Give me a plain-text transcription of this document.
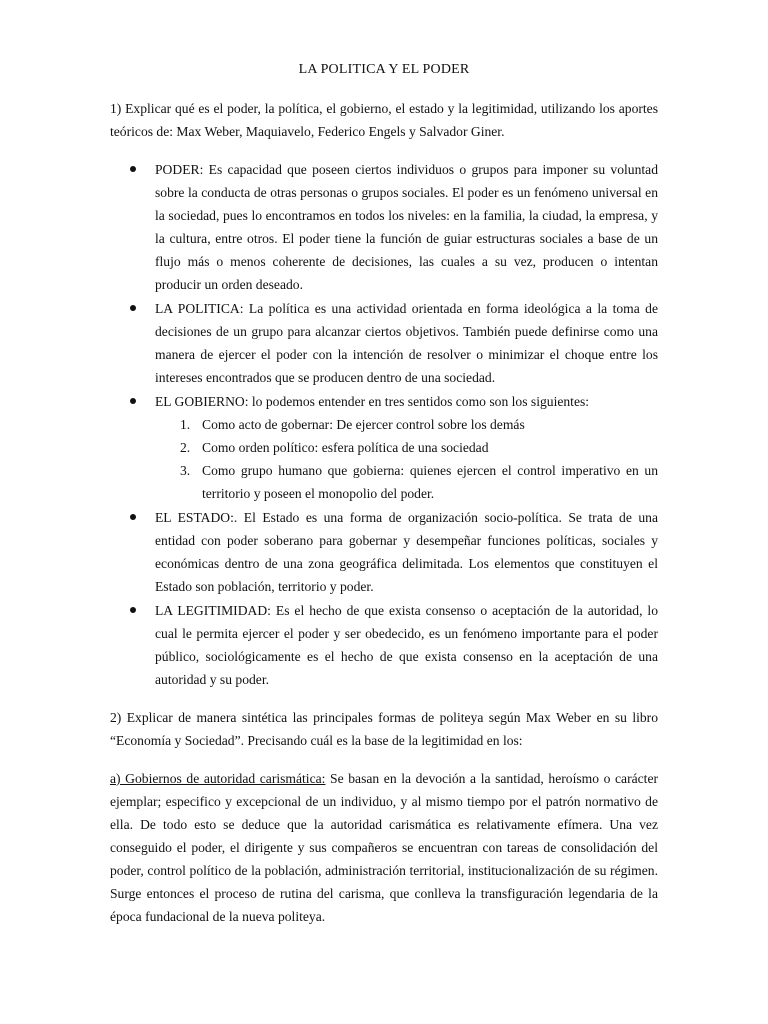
LA POLITICA Y EL PODER

1) Explicar qué es el poder, la política, el gobierno, el estado y la legitimidad, utilizando los aportes teóricos de: Max Weber, Maquiavelo, Federico Engels y Salvador Giner.

PODER: Es capacidad que poseen ciertos individuos o grupos para imponer su voluntad sobre la conducta de otras personas o grupos sociales. El poder es un fenómeno universal en la sociedad, pues lo encontramos en todos los niveles: en la familia, la ciudad, la empresa, y la cultura, entre otros. El poder tiene la función de guiar estructuras sociales a base de un flujo más o menos coherente de decisiones, las cuales a su vez, producen o intentan producir un orden deseado.
LA POLITICA: La política es una actividad orientada en forma ideológica a la toma de decisiones de un grupo para alcanzar ciertos objetivos. También puede definirse como una manera de ejercer el poder con la intención de resolver o minimizar el choque entre los intereses encontrados que se producen dentro de una sociedad.
EL GOBIERNO: lo podemos entender en tres sentidos como son los siguientes:
1. Como acto de gobernar: De ejercer control sobre los demás
2. Como orden político: esfera política de una sociedad
3. Como grupo humano que gobierna: quienes ejercen el control imperativo en un territorio y poseen el monopolio del poder.
EL ESTADO:. El Estado es una forma de organización socio-política. Se trata de una entidad con poder soberano para gobernar y desempeñar funciones políticas, sociales y económicas dentro de una zona geográfica delimitada. Los elementos que constituyen el Estado son población, territorio y poder.
LA LEGITIMIDAD: Es el hecho de que exista consenso o aceptación de la autoridad, lo cual le permita ejercer el poder y ser obedecido, es un fenómeno importante para el poder público, sociológicamente es el hecho de que exista consenso en la aceptación de una autoridad y su poder.

2) Explicar de manera sintética las principales formas de politeya según Max Weber en su libro “Economía y Sociedad”. Precisando cuál es la base de la legitimidad en los:

a) Gobiernos de autoridad carismática: Se basan en la devoción a la santidad, heroísmo o carácter ejemplar; especifico y excepcional de un individuo, y al mismo tiempo por el patrón normativo de ella. De todo esto se deduce que la autoridad carismática es relativamente efímera. Una vez conseguido el poder, el dirigente y sus compañeros se encuentran con tareas de consolidación del poder, control político de la población, administración territorial, institucionalización de su régimen. Surge entonces el proceso de rutina del carisma, que conlleva la transfiguración legendaria de la época fundacional de la nueva politeya.
